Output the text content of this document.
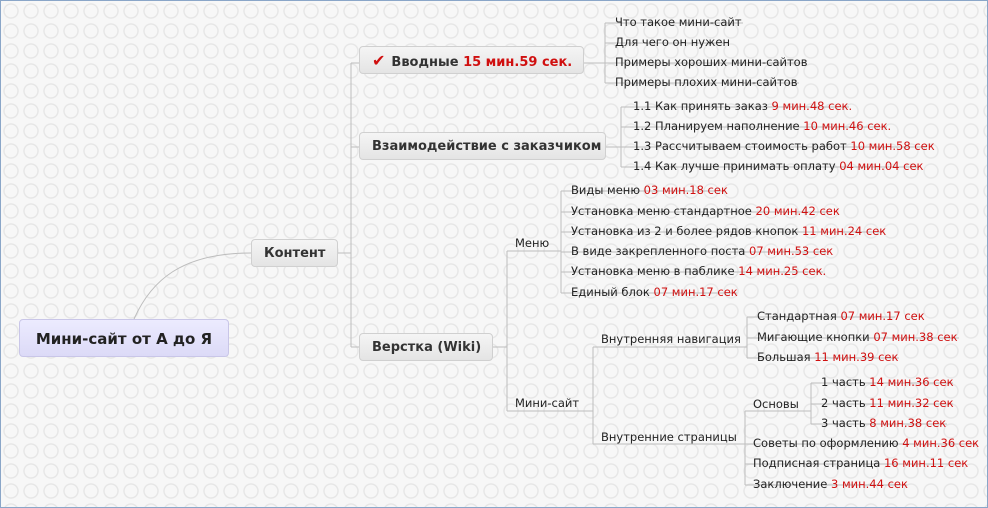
Мини-сайт от А до Я
Контент
✔ Вводные 15 мин.59 сек.
Взаимодействие с заказчиком
Верстка (Wiki)
Что такое мини-сайт
Для чего он нужен
Примеры хороших мини-сайтов
Примеры плохих мини-сайтов
1.1 Как принять заказ 9 мин.48 сек.
1.2 Планируем наполнение 10 мин.46 сек.
1.3 Рассчитываем стоимость работ 10 мин.58 сек
1.4 Как лучше принимать оплату 04 мин.04 сек
Меню
Виды меню 03 мин.18 сек
Установка меню стандартное 20 мин.42 сек
Установка из 2 и более рядов кнопок 11 мин.24 сек
В виде закрепленного поста 07 мин.53 сек
Установка меню в паблике 14 мин.25 сек.
Единый блок 07 мин.17 сек
Мини-сайт
Внутренняя навигация
Стандартная 07 мин.17 сек
Мигающие кнопки 07 мин.38 сек
Большая 11 мин.39 сек
Внутренние страницы
Основы
1 часть 14 мин.36 сек
2 часть 11 мин.32 сек
3 часть 8 мин.38 сек
Советы по оформлению 4 мин.36 сек
Подписная страница 16 мин.11 сек
Заключение 3 мин.44 сек
